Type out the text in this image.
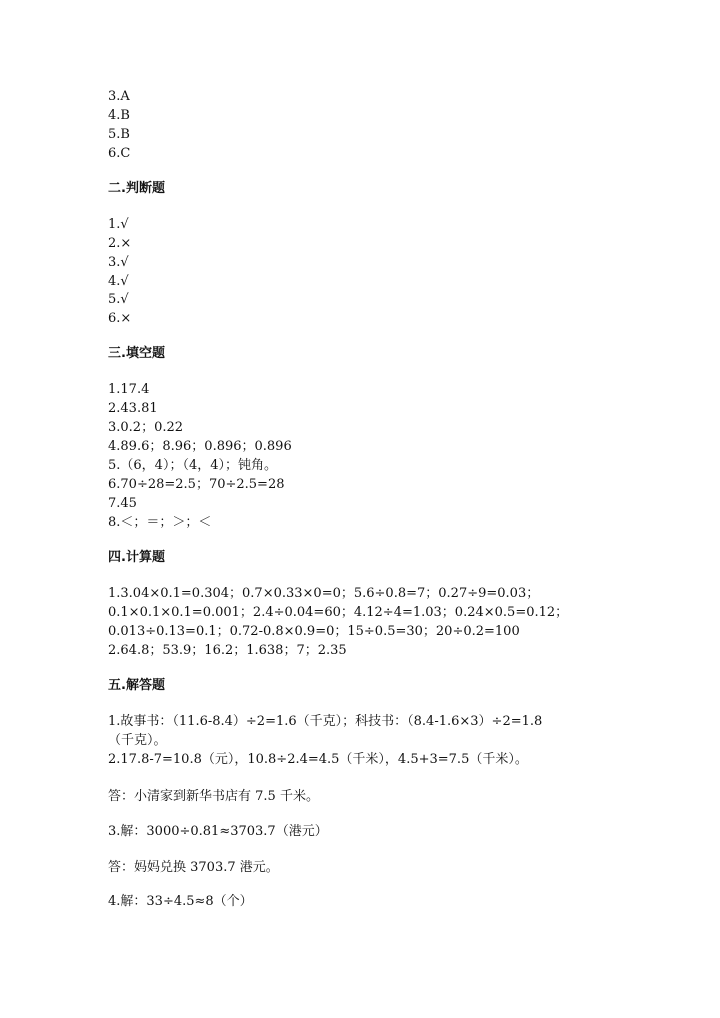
3.A
4.B
5.B
6.C
二.判断题
1.√
2.×
3.√
4.√
5.√
6.×
三.填空题
1.17.4
2.43.81
3.0.2；0.22
4.89.6；8.96；0.896；0.896
5.（6，4）；（4，4）；钝角。
6.70÷28=2.5；70÷2.5=28
7.45
8.＜；＝；＞；＜
四.计算题
1.3.04×0.1=0.304；0.7×0.33×0=0；5.6÷0.8=7；0.27÷9=0.03；
0.1×0.1×0.1=0.001；2.4÷0.04=60；4.12÷4=1.03；0.24×0.5=0.12；
0.013÷0.13=0.1；0.72-0.8×0.9=0；15÷0.5=30；20÷0.2=100
2.64.8；53.9；16.2；1.638；7；2.35
五.解答题
1.故事书：（11.6-8.4）÷2=1.6（千克）；科技书：（8.4-1.6×3）÷2=1.8
（千克）。
2.17.8-7=10.8（元），10.8÷2.4=4.5（千米），4.5+3=7.5（千米）。
答：小清家到新华书店有 7.5 千米。
3.解：3000÷0.81≈3703.7（港元）
答：妈妈兑换 3703.7 港元。
4.解：33÷4.5≈8（个）
